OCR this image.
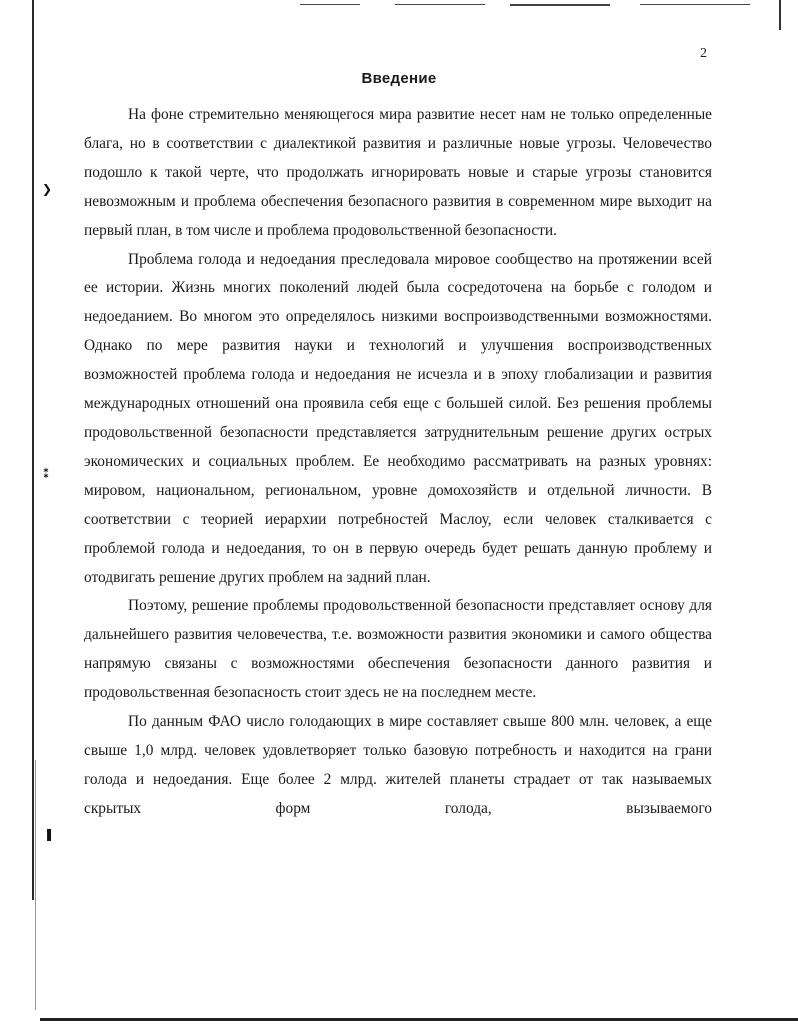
❯
⁑
❚
2
Введение

На фоне стремительно меняющегося мира развитие несет нам не только определенные блага, но в соответствии с диалектикой развития и различные новые угрозы. Человечество подошло к такой черте, что продолжать игнорировать новые и старые угрозы становится невозможным и проблема обеспечения безопасного развития в современном мире выходит на первый план, в том числе и проблема продовольственной безопасности.

Проблема голода и недоедания преследовала мировое сообщество на протяжении всей ее истории. Жизнь многих поколений людей была сосредоточена на борьбе с голодом и недоеданием. Во многом это определялось низкими воспроизводственными возможностями. Однако по мере развития науки и технологий и улучшения воспроизводственных возможностей проблема голода и недоедания не исчезла и в эпоху глобализации и развития международных отношений она проявила себя еще с большей силой. Без решения проблемы продовольственной безопасности представляется затруднительным решение других острых экономических и социальных проблем. Ее необходимо рассматривать на разных уровнях: мировом, национальном, региональном, уровне домохозяйств и отдельной личности. В соответствии с теорией иерархии потребностей Маслоу, если человек сталкивается с проблемой голода и недоедания, то он в первую очередь будет решать данную проблему и отодвигать решение других проблем на задний план.

Поэтому, решение проблемы продовольственной безопасности представляет основу для дальнейшего развития человечества, т.е. возможности развития экономики и самого общества напрямую связаны с возможностями обеспечения безопасности данного развития и продовольственная безопасность стоит здесь не на последнем месте.

По данным ФАО число голодающих в мире составляет свыше 800 млн. человек, а еще свыше 1,0 млрд. человек удовлетворяет только базовую потребность и находится на грани голода и недоедания. Еще более 2 млрд. жителей планеты страдает от так называемых скрытых форм голода, вызываемого
